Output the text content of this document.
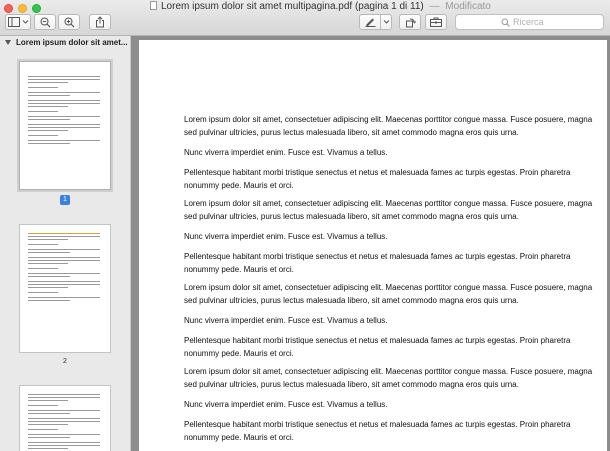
Lorem ipsum dolor sit amet multipagina.pdf (pagina 1 di 11) — Modificato
Ricerca
Lorem ipsum dolor sit amet...
1
2

Lorem ipsum dolor sit amet, consectetuer adipiscing elit. Maecenas porttitor congue massa. Fusce posuere, magna sed pulvinar ultricies, purus lectus malesuada libero, sit amet commodo magna eros quis urna.

Nunc viverra imperdiet enim. Fusce est. Vivamus a tellus.

Pellentesque habitant morbi tristique senectus et netus et malesuada fames ac turpis egestas. Proin pharetra nonummy pede. Mauris et orci.

Lorem ipsum dolor sit amet, consectetuer adipiscing elit. Maecenas porttitor congue massa. Fusce posuere, magna sed pulvinar ultricies, purus lectus malesuada libero, sit amet commodo magna eros quis urna.

Nunc viverra imperdiet enim. Fusce est. Vivamus a tellus.

Pellentesque habitant morbi tristique senectus et netus et malesuada fames ac turpis egestas. Proin pharetra nonummy pede. Mauris et orci.

Lorem ipsum dolor sit amet, consectetuer adipiscing elit. Maecenas porttitor congue massa. Fusce posuere, magna sed pulvinar ultricies, purus lectus malesuada libero, sit amet commodo magna eros quis urna.

Nunc viverra imperdiet enim. Fusce est. Vivamus a tellus.

Pellentesque habitant morbi tristique senectus et netus et malesuada fames ac turpis egestas. Proin pharetra nonummy pede. Mauris et orci.

Lorem ipsum dolor sit amet, consectetuer adipiscing elit. Maecenas porttitor congue massa. Fusce posuere, magna sed pulvinar ultricies, purus lectus malesuada libero, sit amet commodo magna eros quis urna.

Nunc viverra imperdiet enim. Fusce est. Vivamus a tellus.

Pellentesque habitant morbi tristique senectus et netus et malesuada fames ac turpis egestas. Proin pharetra nonummy pede. Mauris et orci.
